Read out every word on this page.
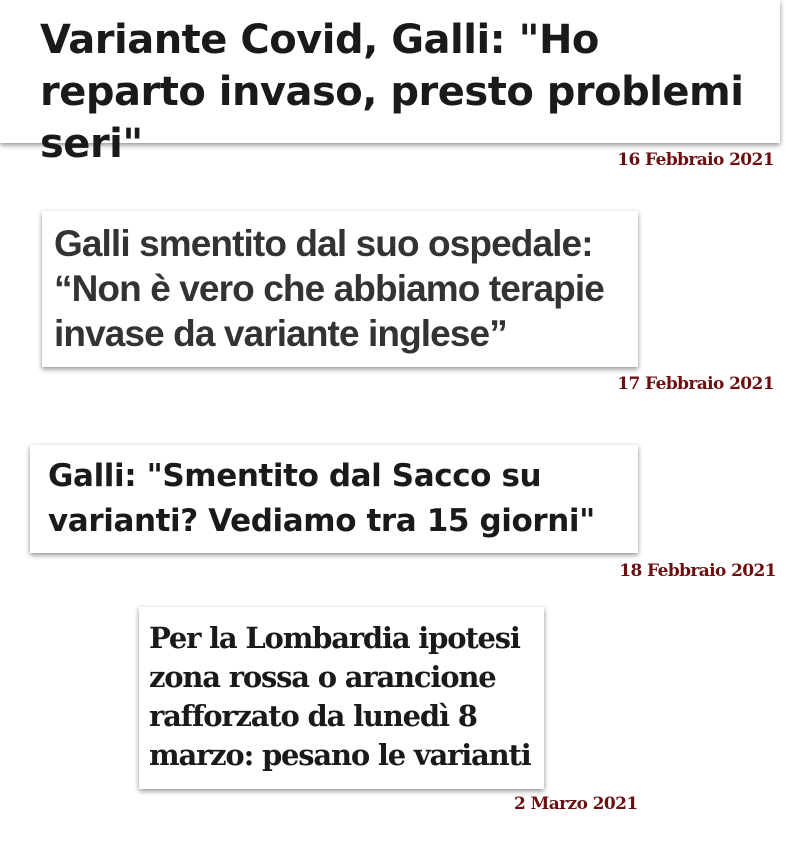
Variante Covid, Galli: "Ho reparto invaso, presto problemi seri"	16 Febbraio 2021
Galli smentito dal suo ospedale: “Non è vero che abbiamo terapie invase da variante inglese”
17 Febbraio 2021
Galli: "Smentito dal Sacco su varianti? Vediamo tra 15 giorni"
18 Febbraio 2021
Per la Lombardia ipotesi zona rossa o arancione rafforzato da lunedì 8 marzo: pesano le varianti
2 Marzo 2021
